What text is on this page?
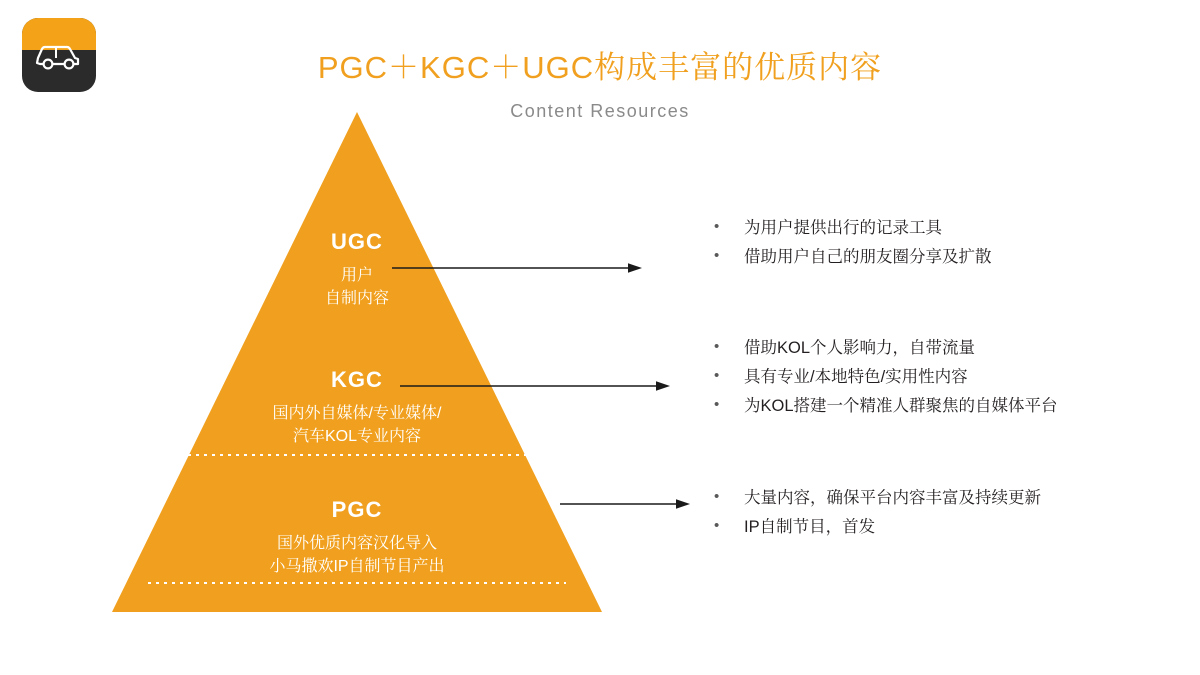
PGC＋KGC＋UGC构成丰富的优质内容
Content Resources
UGC
用户
自制内容
KGC
国内外自媒体/专业媒体/
汽车KOL专业内容
PGC
国外优质内容汉化导入
小马撒欢IP自制节目产出
• 为用户提供出行的记录工具
• 借助用户自己的朋友圈分享及扩散
• 借助KOL个人影响力，自带流量
• 具有专业/本地特色/实用性内容
• 为KOL搭建一个精准人群聚焦的自媒体平台
• 大量内容，确保平台内容丰富及持续更新
• IP自制节目，首发
